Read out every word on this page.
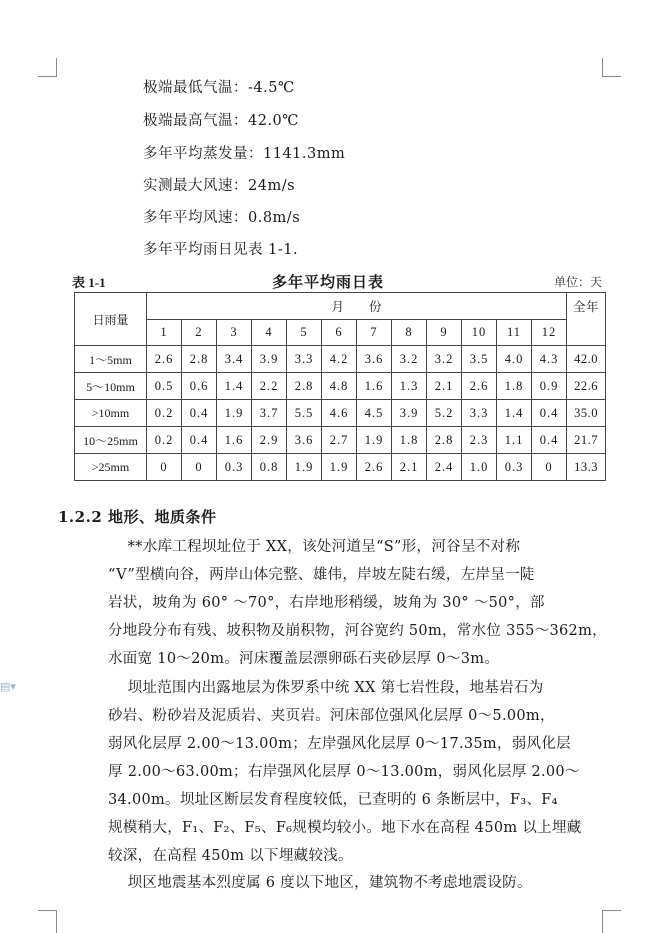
▤▾
极端最低气温：-4.5℃
极端最高气温：42.0℃
多年平均蒸发量：1141.3mm
实测最大风速：24m/s
多年平均风速：0.8m/s
多年平均雨日见表 1-1.
表 1-1	多年平均雨日表	单位：天
日雨量	月        份												全年
	1	2	3	4	5	6	7	8	9	10	11	12	
1～5mm	2.6	2.8	3.4	3.9	3.3	4.2	3.6	3.2	3.2	3.5	4.0	4.3	42.0
5～10mm	0.5	0.6	1.4	2.2	2.8	4.8	1.6	1.3	2.1	2.6	1.8	0.9	22.6
>10mm	0.2	0.4	1.9	3.7	5.5	4.6	4.5	3.9	5.2	3.3	1.4	0.4	35.0
10～25mm	0.2	0.4	1.6	2.9	3.6	2.7	1.9	1.8	2.8	2.3	1.1	0.4	21.7
>25mm	0	0	0.3	0.8	1.9	1.9	2.6	2.1	2.4	1.0	0.3	0	13.3
1.2.2 地形、地质条件
**水库工程坝址位于 XX，该处河道呈“S”形，河谷呈不对称
“V”型横向谷，两岸山体完整、雄伟，岸坡左陡右缓，左岸呈一陡
岩状，坡角为 60° ～70°，右岸地形稍缓，坡角为 30° ～50°，部
分地段分布有残、坡积物及崩积物，河谷宽约 50m，常水位 355～362m，
水面宽 10～20m。河床覆盖层漂卵砾石夹砂层厚 0～3m。
坝址范围内出露地层为侏罗系中统 XX 第七岩性段，地基岩石为
砂岩、粉砂岩及泥质岩、夹页岩。河床部位强风化层厚 0～5.00m，
弱风化层厚 2.00～13.00m；左岸强风化层厚 0～17.35m，弱风化层
厚 2.00～63.00m；右岸强风化层厚 0～13.00m，弱风化层厚 2.00～
34.00m。坝址区断层发育程度较低，已查明的 6 条断层中，F₃、F₄
规模稍大，F₁、F₂、F₅、F₆规模均较小。地下水在高程 450m 以上埋藏
较深，在高程 450m 以下埋藏较浅。
坝区地震基本烈度属 6 度以下地区，建筑物不考虑地震设防。
